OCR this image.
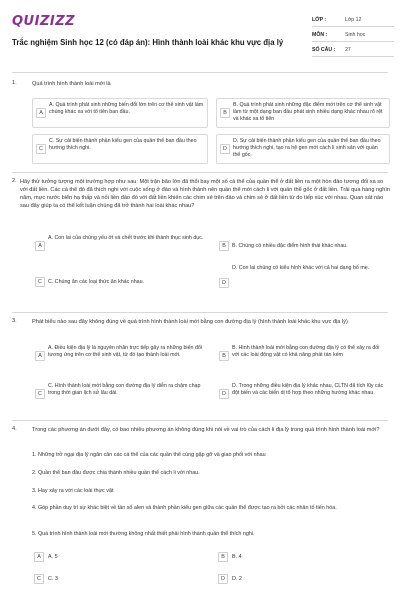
QUIZIZZ
Trắc nghiệm Sinh học 12 (có đáp án): Hình thành loài khác khu vực địa lý
LỚP :	Lớp 12
MÔN :	Sinh học
SỐ CÂU :	27
1.	Quá trình hình thành loài mới là
A
A. Quá trình phát sinh những biến đổi lớn trên cơ thể sinh vật làm chúng khác xa với tổ tiên ban đầu.	B
B. Quá trình phát sinh những đặc điểm mới trên cơ thể sinh vật làm từ một dạng ban đầu phát sinh nhiều dạng khác nhau rõ rệt và khác xa tổ tiên
C
C. Sự cải biến thành phần kiểu gen của quần thể ban đầu theo hướng thích nghi.	D
D. Sự cải biến thành phần kiểu gen của quần thể ban đầu theo hướng thích nghi, tạo ra hệ gen mới cách li sinh sản với quần thể gốc.
2. Hãy thử tưởng tượng một trường hợp như sau: Một trận bão lớn đã thổi bay một số cá thể của quần thể ở đất liền ra một hòn đảo tương đối xa so với đất liền. Các cá thể đó đã thích nghi với cuộc sống ở đảo và hình thành nên quần thể mới cách li với quần thể gốc ở đất liền. Trải qua hàng nghìn năm, mực nước biển hạ thấp và nối liền đảo đó với đất liền khiến các chim sẻ trên đảo và chim sẻ ở đất liền từ do tiếp xúc với nhau. Quan sát nào sau đây giúp ta có thể kết luận chúng đã trở thành hai loài khác nhau?
A
A. Con lai của chúng yếu ớt và chết trước khi thành thục sinh dục.
B	B. Chúng có nhiều đặc điểm hình thái khác nhau.
C	C. Chúng ăn các loại thức ăn khác nhau.	D
D. Con lai chúng có kiểu hình khác với cả hai dạng bố mẹ.
3.	Phát biểu nào sau đây không đúng về quá trình hình thành loài mới bằng con đường địa lý (hình thành loài khác khu vực địa lý)
A
A. Điều kiện địa lý là nguyên nhân trực tiếp gây ra những biến đổi tương ứng trên cơ thể sinh vật, từ đó tạo thành loài mới.	B
B. Hình thành loài mới bằng con đường địa lý có thể xảy ra đối với các loài động vật có khả năng phát tán kém
C
C. Hình thành loài mới bằng con đường địa lý diễn ra chậm chạp trong thời gian lịch sử lâu dài.	D
D. Trong những điều kiện địa lý khác nhau, CLTN đã tích lũy các đột biến và các biến dị tổ hợp theo những hướng khác nhau.
4.	Trong các phương án dưới đây, có bao nhiêu phương án không đúng khi nói về vai trò của cách li địa lý trong quá trình hình thành loài mới?
1. Những trở ngại địa lý ngăn cản các cá thể của các quần thể cùng gặp gỡ và giao phối với nhau
2. Quần thể ban đầu được chia thành nhiều quần thể cách li với nhau.
3. Hay xảy ra với các loài thực vật
4. Góp phần duy trì sự khác biệt về tần số alen và thành phần kiểu gen giữa các quần thể được tạo ra bởi các nhân tố tiến hóa.
5. Quá trình hình thành loài mới thường không nhất thiết phải hình thành quần thể thích nghi.
A	A. 5	B	B. 4
C	C. 3	D	D. 2
